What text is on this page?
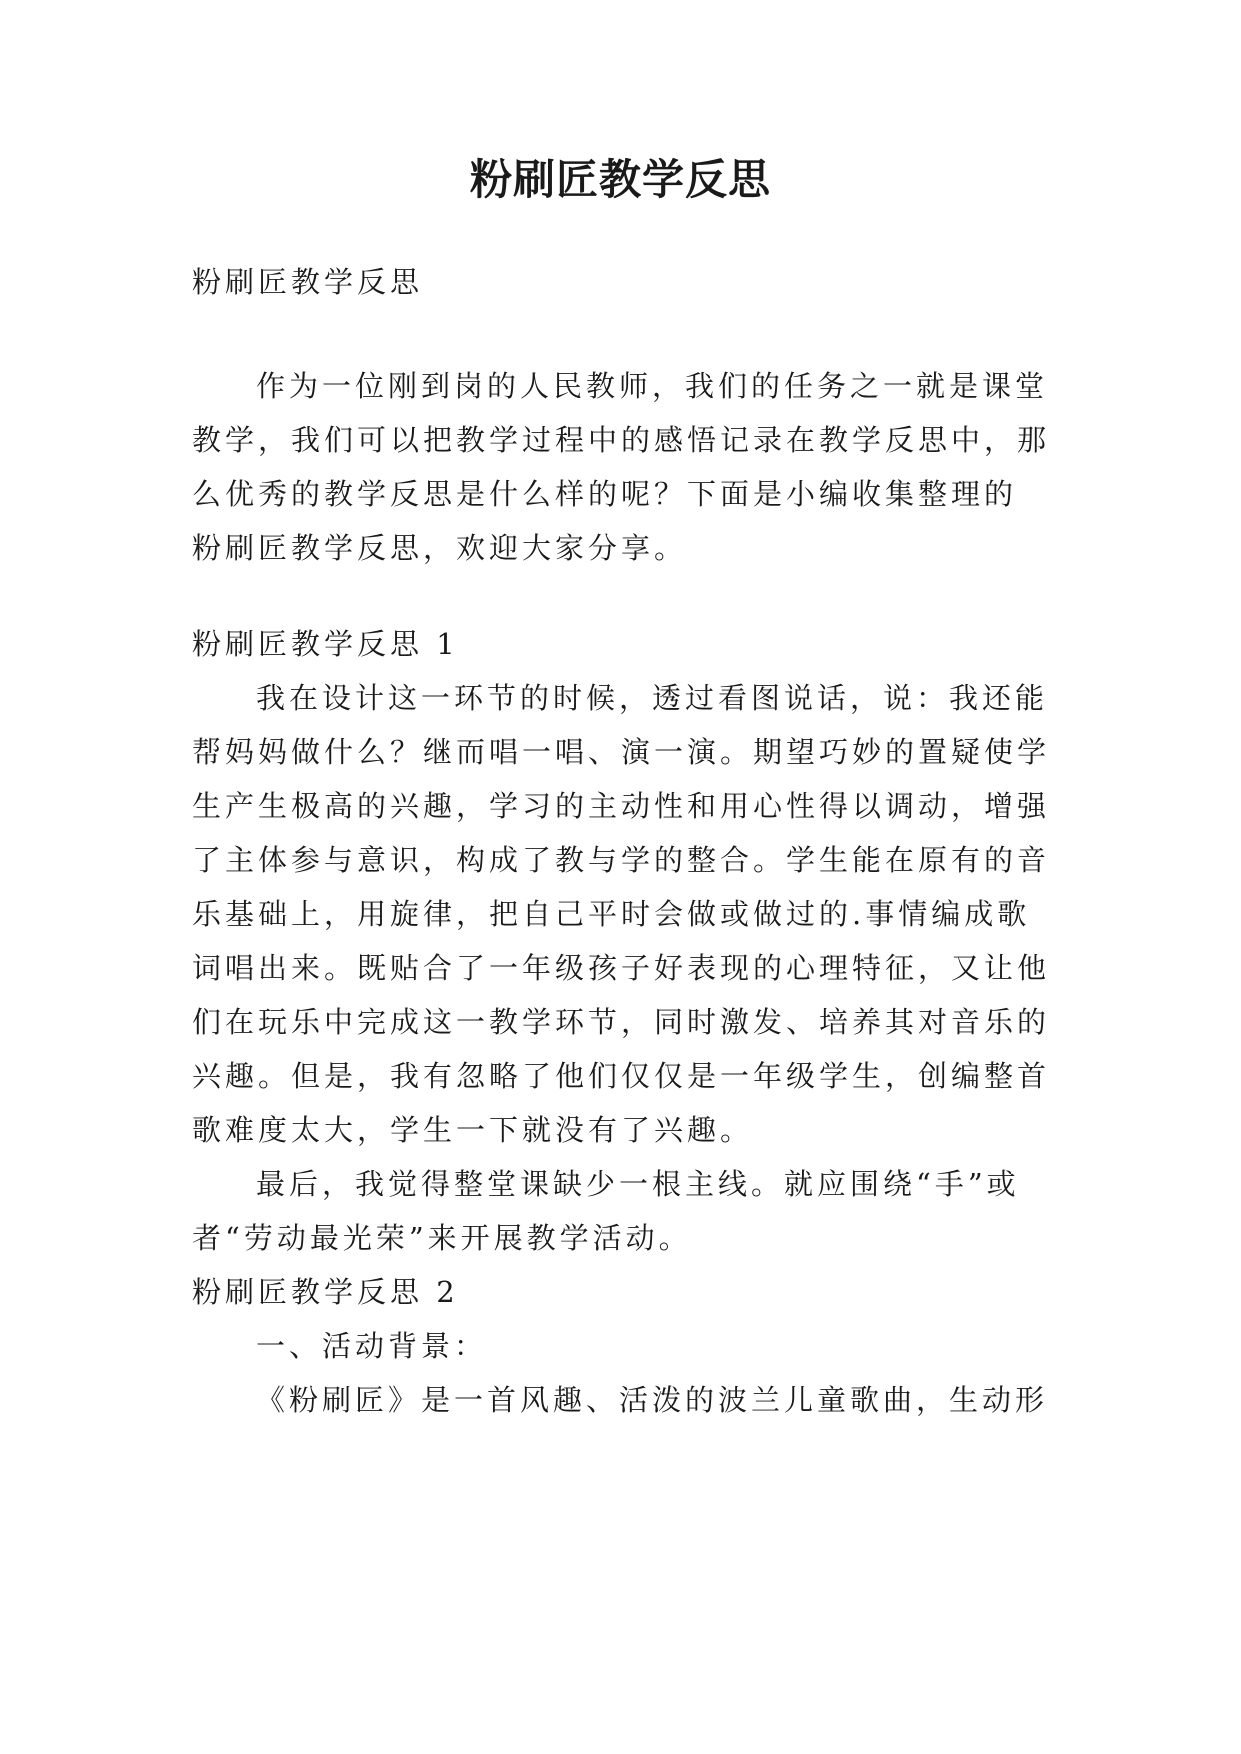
粉刷匠教学反思
粉刷匠教学反思
作为一位刚到岗的人民教师，我们的任务之一就是课堂
教学，我们可以把教学过程中的感悟记录在教学反思中，那
么优秀的教学反思是什么样的呢？下面是小编收集整理的
粉刷匠教学反思，欢迎大家分享。
粉刷匠教学反思 1
我在设计这一环节的时候，透过看图说话，说：我还能
帮妈妈做什么？继而唱一唱、演一演。期望巧妙的置疑使学
生产生极高的兴趣，学习的主动性和用心性得以调动，增强
了主体参与意识，构成了教与学的整合。学生能在原有的音
乐基础上，用旋律，把自己平时会做或做过的.事情编成歌
词唱出来。既贴合了一年级孩子好表现的心理特征，又让他
们在玩乐中完成这一教学环节，同时激发、培养其对音乐的
兴趣。但是，我有忽略了他们仅仅是一年级学生，创编整首
歌难度太大，学生一下就没有了兴趣。
最后，我觉得整堂课缺少一根主线。就应围绕“手”或
者“劳动最光荣”来开展教学活动。
粉刷匠教学反思 2
一、活动背景：
《粉刷匠》是一首风趣、活泼的波兰儿童歌曲，生动形
